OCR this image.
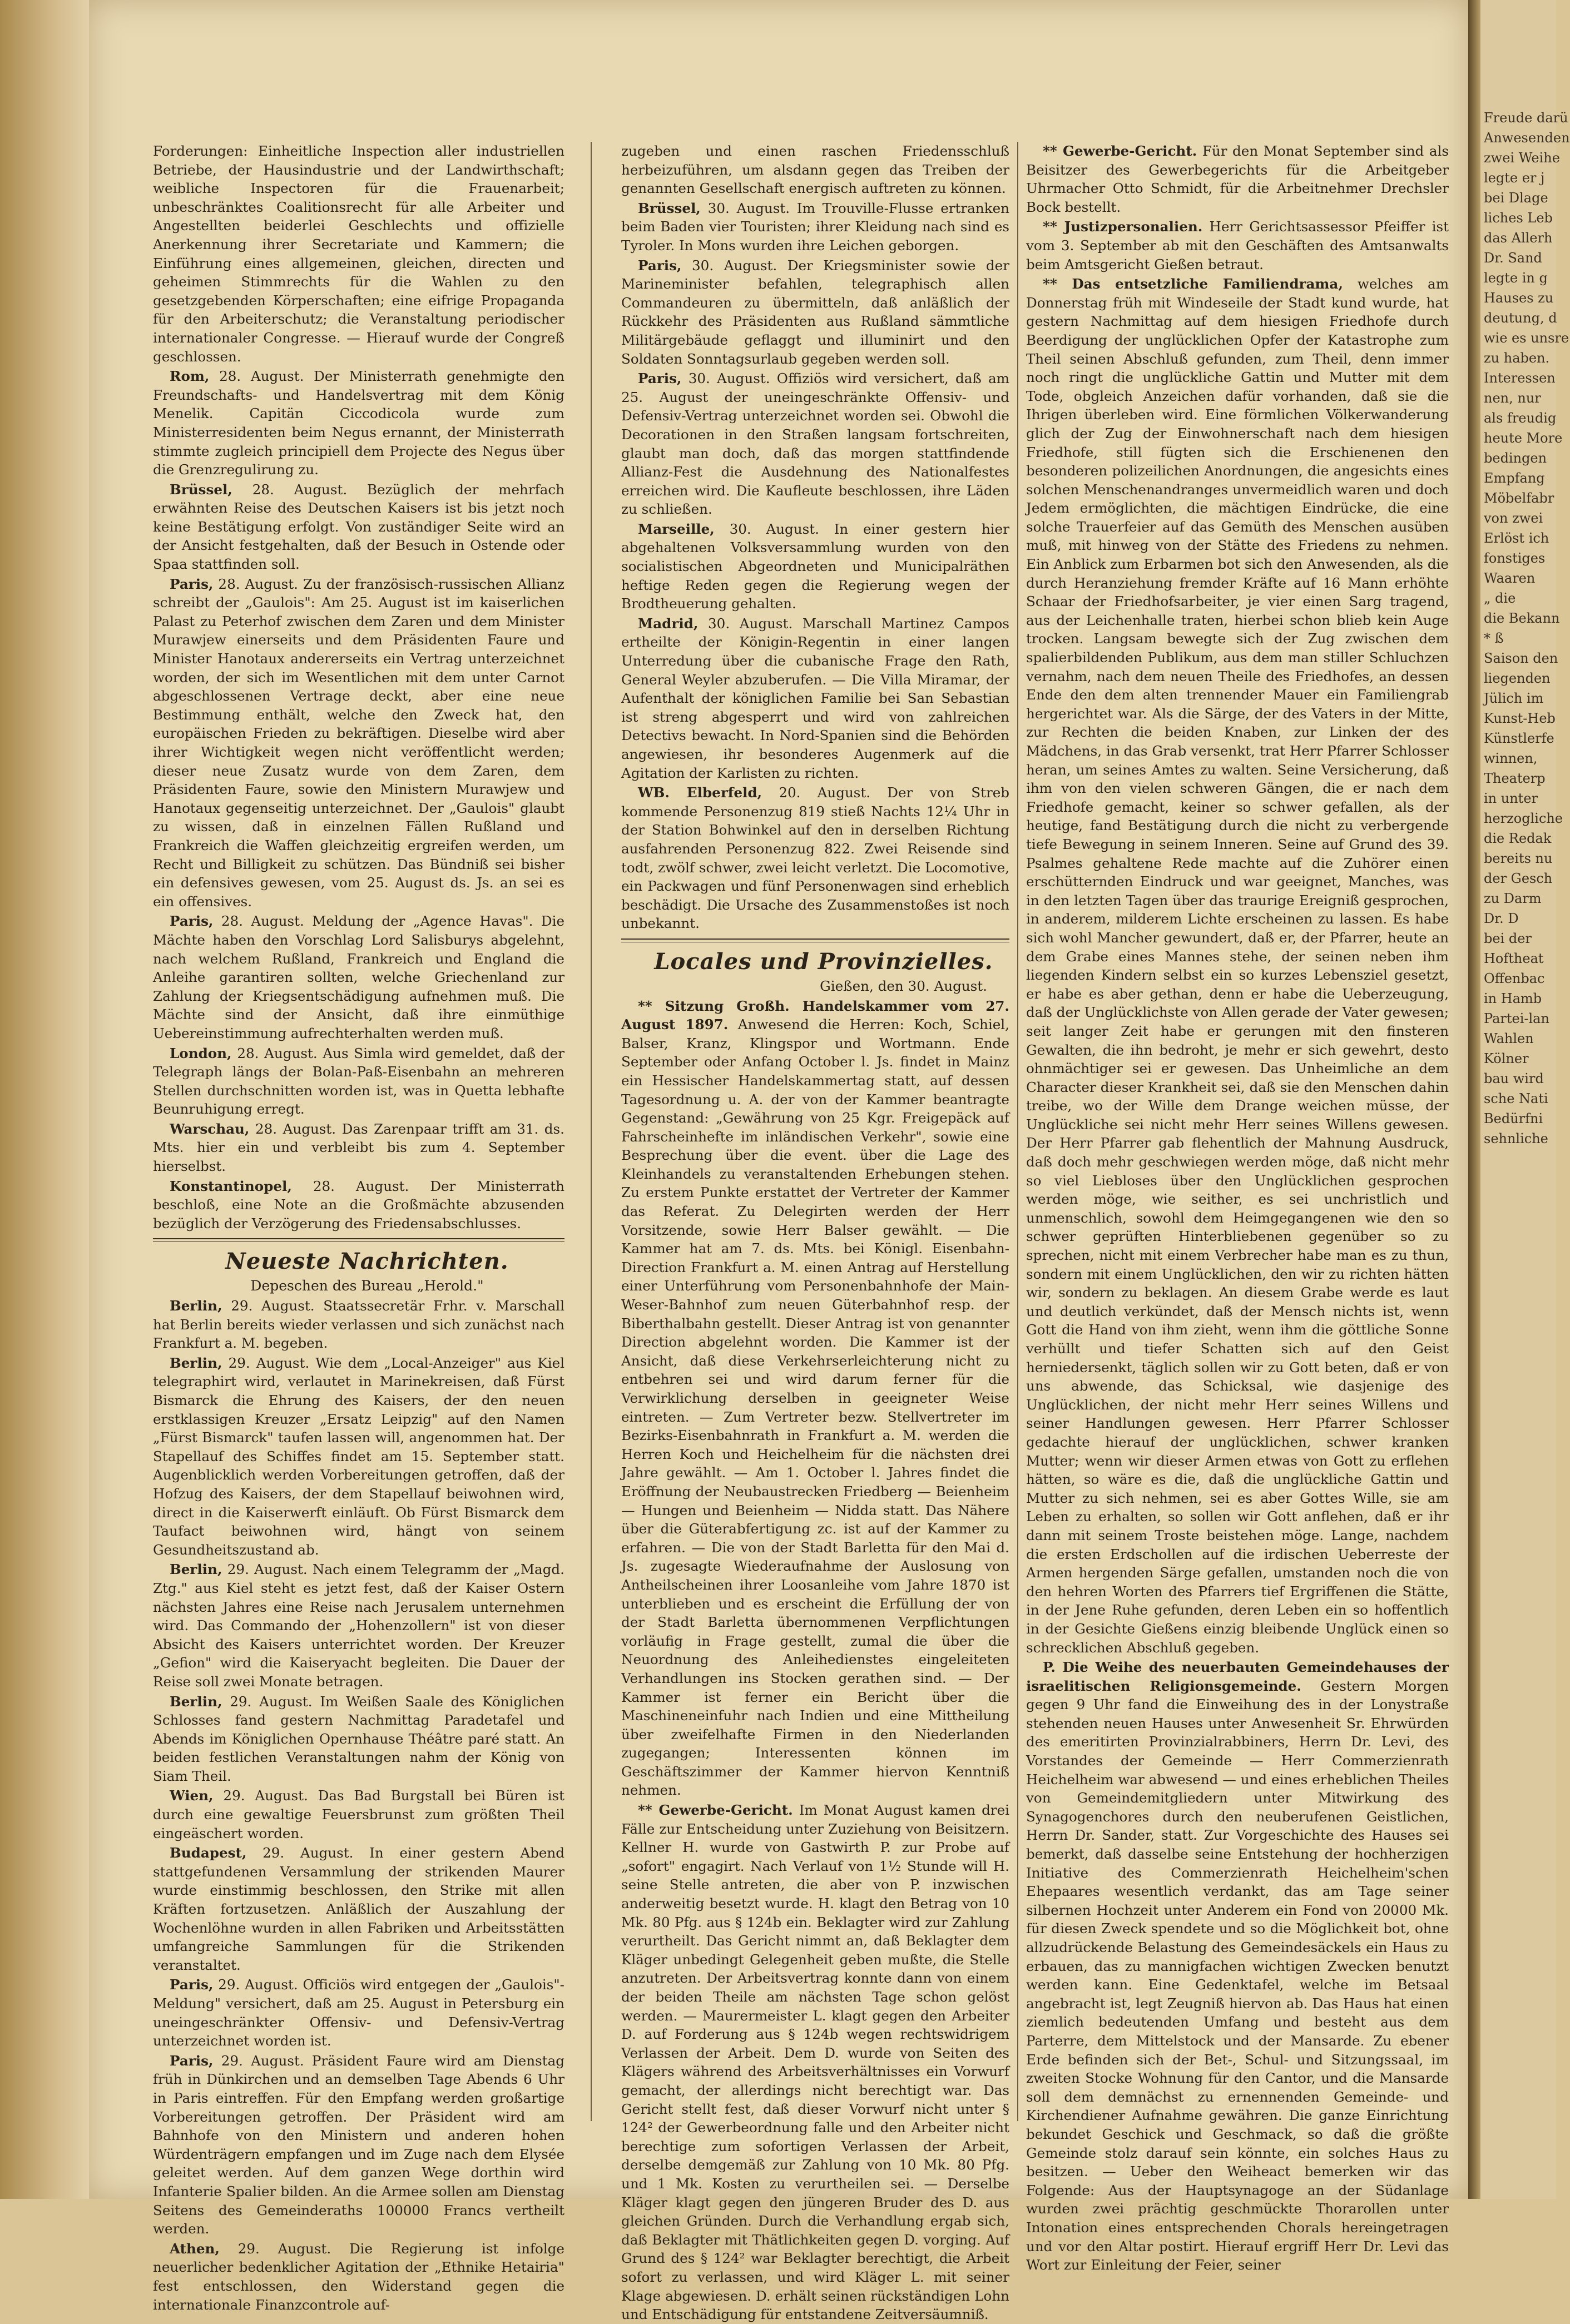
Freude darü
Anwesenden
zwei Weihe
legte er j
bei Dlage
liches Leb
das Allerh
Dr. Sand
legte in g
Hauses zu
deutung, d
wie es unsre
zu haben.
Interessen
nen, nur
als freudig
heute More
bedingen
Empfang
Möbelfabr
von zwei
Erlöst ich
fonstiges
Waaren
„ die
die Bekann
* ß
Saison den
liegenden
Jülich im
Kunst-Heb
Künstlerfe
winnen,
Theaterp
in unter
herzogliche
die Redak
bereits nu
der Gesch
zu Darm
Dr. D
bei der
Hoftheat
Offenbac
in Hamb
Partei-lan
Wahlen
Kölner
bau wird
sche Nati
Bedürfni
sehnliche

Forderungen: Einheitliche Inspection aller industriellen Betriebe, der Hausindustrie und der Landwirthschaft; weibliche Inspectoren für die Frauenarbeit; unbeschränktes Coalitionsrecht für alle Arbeiter und Angestellten beiderlei Geschlechts und offizielle Anerkennung ihrer Secretariate und Kammern; die Einführung eines allgemeinen, gleichen, directen und geheimen Stimmrechts für die Wahlen zu den gesetzgebenden Körperschaften; eine eifrige Propaganda für den Arbeiterschutz; die Veranstaltung periodischer internationaler Congresse. — Hierauf wurde der Congreß geschlossen.

Rom, 28. August. Der Ministerrath genehmigte den Freundschafts- und Handelsvertrag mit dem König Menelik. Capitän Ciccodicola wurde zum Ministerresidenten beim Negus ernannt, der Ministerrath stimmte zugleich principiell dem Projecte des Negus über die Grenzregulirung zu.

Brüssel, 28. August. Bezüglich der mehrfach erwähnten Reise des Deutschen Kaisers ist bis jetzt noch keine Bestätigung erfolgt. Von zuständiger Seite wird an der Ansicht festgehalten, daß der Besuch in Ostende oder Spaa stattfinden soll.

Paris, 28. August. Zu der französisch-russischen Allianz schreibt der „Gaulois": Am 25. August ist im kaiserlichen Palast zu Peterhof zwischen dem Zaren und dem Minister Murawjew einerseits und dem Präsidenten Faure und Minister Hanotaux andererseits ein Vertrag unterzeichnet worden, der sich im Wesentlichen mit dem unter Carnot abgeschlossenen Vertrage deckt, aber eine neue Bestimmung enthält, welche den Zweck hat, den europäischen Frieden zu bekräftigen. Dieselbe wird aber ihrer Wichtigkeit wegen nicht veröffentlicht werden; dieser neue Zusatz wurde von dem Zaren, dem Präsidenten Faure, sowie den Ministern Murawjew und Hanotaux gegenseitig unterzeichnet. Der „Gaulois" glaubt zu wissen, daß in einzelnen Fällen Rußland und Frankreich die Waffen gleichzeitig ergreifen werden, um Recht und Billigkeit zu schützen. Das Bündniß sei bisher ein defensives gewesen, vom 25. August ds. Js. an sei es ein offensives.

Paris, 28. August. Meldung der „Agence Havas". Die Mächte haben den Vorschlag Lord Salisburys abgelehnt, nach welchem Rußland, Frankreich und England die Anleihe garantiren sollten, welche Griechenland zur Zahlung der Kriegsentschädigung aufnehmen muß. Die Mächte sind der Ansicht, daß ihre einmüthige Uebereinstimmung aufrechterhalten werden muß.

London, 28. August. Aus Simla wird gemeldet, daß der Telegraph längs der Bolan-Paß-Eisenbahn an mehreren Stellen durchschnitten worden ist, was in Quetta lebhafte Beunruhigung erregt.

Warschau, 28. August. Das Zarenpaar trifft am 31. ds. Mts. hier ein und verbleibt bis zum 4. September hierselbst.

Konstantinopel, 28. August. Der Ministerrath beschloß, eine Note an die Großmächte abzusenden bezüglich der Verzögerung des Friedensabschlusses.

Neueste Nachrichten.

Depeschen des Bureau „Herold."

Berlin, 29. August. Staatssecretär Frhr. v. Marschall hat Berlin bereits wieder verlassen und sich zunächst nach Frankfurt a. M. begeben.

Berlin, 29. August. Wie dem „Local-Anzeiger" aus Kiel telegraphirt wird, verlautet in Marinekreisen, daß Fürst Bismarck die Ehrung des Kaisers, der den neuen erstklassigen Kreuzer „Ersatz Leipzig" auf den Namen „Fürst Bismarck" taufen lassen will, angenommen hat. Der Stapellauf des Schiffes findet am 15. September statt. Augenblicklich werden Vorbereitungen getroffen, daß der Hofzug des Kaisers, der dem Stapellauf beiwohnen wird, direct in die Kaiserwerft einläuft. Ob Fürst Bismarck dem Taufact beiwohnen wird, hängt von seinem Gesundheitszustand ab.

Berlin, 29. August. Nach einem Telegramm der „Magd. Ztg." aus Kiel steht es jetzt fest, daß der Kaiser Ostern nächsten Jahres eine Reise nach Jerusalem unternehmen wird. Das Commando der „Hohenzollern" ist von dieser Absicht des Kaisers unterrichtet worden. Der Kreuzer „Gefion" wird die Kaiseryacht begleiten. Die Dauer der Reise soll zwei Monate betragen.

Berlin, 29. August. Im Weißen Saale des Königlichen Schlosses fand gestern Nachmittag Paradetafel und Abends im Königlichen Opernhause Théâtre paré statt. An beiden festlichen Veranstaltungen nahm der König von Siam Theil.

Wien, 29. August. Das Bad Burgstall bei Büren ist durch eine gewaltige Feuersbrunst zum größten Theil eingeäschert worden.

Budapest, 29. August. In einer gestern Abend stattgefundenen Versammlung der strikenden Maurer wurde einstimmig beschlossen, den Strike mit allen Kräften fortzusetzen. Anläßlich der Auszahlung der Wochenlöhne wurden in allen Fabriken und Arbeitsstätten umfangreiche Sammlungen für die Strikenden veranstaltet.

Paris, 29. August. Officiös wird entgegen der „Gaulois"-Meldung" versichert, daß am 25. August in Petersburg ein uneingeschränkter Offensiv- und Defensiv-Vertrag unterzeichnet worden ist.

Paris, 29. August. Präsident Faure wird am Dienstag früh in Dünkirchen und an demselben Tage Abends 6 Uhr in Paris eintreffen. Für den Empfang werden großartige Vorbereitungen getroffen. Der Präsident wird am Bahnhofe von den Ministern und anderen hohen Würdenträgern empfangen und im Zuge nach dem Elysée geleitet werden. Auf dem ganzen Wege dorthin wird Infanterie Spalier bilden. An die Armee sollen am Dienstag Seitens des Gemeinderaths 100000 Francs vertheilt werden.

Athen, 29. August. Die Regierung ist infolge neuerlicher bedenklicher Agitation der „Ethnike Hetairia" fest entschlossen, den Widerstand gegen die internationale Finanzcontrole auf-

zugeben und einen raschen Friedensschluß herbeizuführen, um alsdann gegen das Treiben der genannten Gesellschaft energisch auftreten zu können.

Brüssel, 30. August. Im Trouville-Flusse ertranken beim Baden vier Touristen; ihrer Kleidung nach sind es Tyroler. In Mons wurden ihre Leichen geborgen.

Paris, 30. August. Der Kriegsminister sowie der Marineminister befahlen, telegraphisch allen Commandeuren zu übermitteln, daß anläßlich der Rückkehr des Präsidenten aus Rußland sämmtliche Militärgebäude geflaggt und illuminirt und den Soldaten Sonntagsurlaub gegeben werden soll.

Paris, 30. August. Offiziös wird versichert, daß am 25. August der uneingeschränkte Offensiv- und Defensiv-Vertrag unterzeichnet worden sei. Obwohl die Decorationen in den Straßen langsam fortschreiten, glaubt man doch, daß das morgen stattfindende Allianz-Fest die Ausdehnung des Nationalfestes erreichen wird. Die Kaufleute beschlossen, ihre Läden zu schließen.

Marseille, 30. August. In einer gestern hier abgehaltenen Volksversammlung wurden von den socialistischen Abgeordneten und Municipalräthen heftige Reden gegen die Regierung wegen der Brodtheuerung gehalten.

Madrid, 30. August. Marschall Martinez Campos ertheilte der Königin-Regentin in einer langen Unterredung über die cubanische Frage den Rath, General Weyler abzuberufen. — Die Villa Miramar, der Aufenthalt der königlichen Familie bei San Sebastian ist streng abgesperrt und wird von zahlreichen Detectivs bewacht. In Nord-Spanien sind die Behörden angewiesen, ihr besonderes Augenmerk auf die Agitation der Karlisten zu richten.

WB. Elberfeld, 20. August. Der von Streb kommende Personenzug 819 stieß Nachts 12¼ Uhr in der Station Bohwinkel auf den in derselben Richtung ausfahrenden Personenzug 822. Zwei Reisende sind todt, zwölf schwer, zwei leicht verletzt. Die Locomotive, ein Packwagen und fünf Personenwagen sind erheblich beschädigt. Die Ursache des Zusammenstoßes ist noch unbekannt.

Locales und Provinzielles.

Gießen, den 30. August.

** Sitzung Großh. Handelskammer vom 27. August 1897. Anwesend die Herren: Koch, Schiel, Balser, Kranz, Klingspor und Wortmann. Ende September oder Anfang October l. Js. findet in Mainz ein Hessischer Handelskammertag statt, auf dessen Tagesordnung u. A. der von der Kammer beantragte Gegenstand: „Gewährung von 25 Kgr. Freigepäck auf Fahrscheinhefte im inländischen Verkehr", sowie eine Besprechung über die event. über die Lage des Kleinhandels zu veranstaltenden Erhebungen stehen. Zu erstem Punkte erstattet der Vertreter der Kammer das Referat. Zu Delegirten werden der Herr Vorsitzende, sowie Herr Balser gewählt. — Die Kammer hat am 7. ds. Mts. bei Königl. Eisenbahn-Direction Frankfurt a. M. einen Antrag auf Herstellung einer Unterführung vom Personenbahnhofe der Main-Weser-Bahnhof zum neuen Güterbahnhof resp. der Biberthalbahn gestellt. Dieser Antrag ist von genannter Direction abgelehnt worden. Die Kammer ist der Ansicht, daß diese Verkehrserleichterung nicht zu entbehren sei und wird darum ferner für die Verwirklichung derselben in geeigneter Weise eintreten. — Zum Vertreter bezw. Stellvertreter im Bezirks-Eisenbahnrath in Frankfurt a. M. werden die Herren Koch und Heichelheim für die nächsten drei Jahre gewählt. — Am 1. October l. Jahres findet die Eröffnung der Neubaustrecken Friedberg — Beienheim — Hungen und Beienheim — Nidda statt. Das Nähere über die Güterabfertigung zc. ist auf der Kammer zu erfahren. — Die von der Stadt Barletta für den Mai d. Js. zugesagte Wiederaufnahme der Auslosung von Antheilscheinen ihrer Loosanleihe vom Jahre 1870 ist unterblieben und es erscheint die Erfüllung der von der Stadt Barletta übernommenen Verpflichtungen vorläufig in Frage gestellt, zumal die über die Neuordnung des Anleihedienstes eingeleiteten Verhandlungen ins Stocken gerathen sind. — Der Kammer ist ferner ein Bericht über die Maschineneinfuhr nach Indien und eine Mittheilung über zweifelhafte Firmen in den Niederlanden zugegangen; Interessenten können im Geschäftszimmer der Kammer hiervon Kenntniß nehmen.

** Gewerbe-Gericht. Im Monat August kamen drei Fälle zur Entscheidung unter Zuziehung von Beisitzern. Kellner H. wurde von Gastwirth P. zur Probe auf „sofort" engagirt. Nach Verlauf von 1½ Stunde will H. seine Stelle antreten, die aber von P. inzwischen anderweitig besetzt wurde. H. klagt den Betrag von 10 Mk. 80 Pfg. aus § 124b ein. Beklagter wird zur Zahlung verurtheilt. Das Gericht nimmt an, daß Beklagter dem Kläger unbedingt Gelegenheit geben mußte, die Stelle anzutreten. Der Arbeitsvertrag konnte dann von einem der beiden Theile am nächsten Tage schon gelöst werden. — Maurermeister L. klagt gegen den Arbeiter D. auf Forderung aus § 124b wegen rechtswidrigem Verlassen der Arbeit. Dem D. wurde von Seiten des Klägers während des Arbeitsverhältnisses ein Vorwurf gemacht, der allerdings nicht berechtigt war. Das Gericht stellt fest, daß dieser Vorwurf nicht unter § 124² der Gewerbeordnung falle und den Arbeiter nicht berechtige zum sofortigen Verlassen der Arbeit, derselbe demgemäß zur Zahlung von 10 Mk. 80 Pfg. und 1 Mk. Kosten zu verurtheilen sei. — Derselbe Kläger klagt gegen den jüngeren Bruder des D. aus gleichen Gründen. Durch die Verhandlung ergab sich, daß Beklagter mit Thätlichkeiten gegen D. vorging. Auf Grund des § 124² war Beklagter berechtigt, die Arbeit sofort zu verlassen, und wird Kläger L. mit seiner Klage abgewiesen. D. erhält seinen rückständigen Lohn und Entschädigung für entstandene Zeitversäumniß.

** Gewerbe-Gericht. Für den Monat September sind als Beisitzer des Gewerbegerichts für die Arbeitgeber Uhrmacher Otto Schmidt, für die Arbeitnehmer Drechsler Bock bestellt.

** Justizpersonalien. Herr Gerichtsassessor Pfeiffer ist vom 3. September ab mit den Geschäften des Amtsanwalts beim Amtsgericht Gießen betraut.

** Das entsetzliche Familiendrama, welches am Donnerstag früh mit Windeseile der Stadt kund wurde, hat gestern Nachmittag auf dem hiesigen Friedhofe durch Beerdigung der unglücklichen Opfer der Katastrophe zum Theil seinen Abschluß gefunden, zum Theil, denn immer noch ringt die unglückliche Gattin und Mutter mit dem Tode, obgleich Anzeichen dafür vorhanden, daß sie die Ihrigen überleben wird. Eine förmlichen Völkerwanderung glich der Zug der Einwohnerschaft nach dem hiesigen Friedhofe, still fügten sich die Erschienenen den besonderen polizeilichen Anordnungen, die angesichts eines solchen Menschenandranges unvermeidlich waren und doch Jedem ermöglichten, die mächtigen Eindrücke, die eine solche Trauerfeier auf das Gemüth des Menschen ausüben muß, mit hinweg von der Stätte des Friedens zu nehmen. Ein Anblick zum Erbarmen bot sich den Anwesenden, als die durch Heranziehung fremder Kräfte auf 16 Mann erhöhte Schaar der Friedhofsarbeiter, je vier einen Sarg tragend, aus der Leichenhalle traten, hierbei schon blieb kein Auge trocken. Langsam bewegte sich der Zug zwischen dem spalierbildenden Publikum, aus dem man stiller Schluchzen vernahm, nach dem neuen Theile des Friedhofes, an dessen Ende den dem alten trennender Mauer ein Familiengrab hergerichtet war. Als die Särge, der des Vaters in der Mitte, zur Rechten die beiden Knaben, zur Linken der des Mädchens, in das Grab versenkt, trat Herr Pfarrer Schlosser heran, um seines Amtes zu walten. Seine Versicherung, daß ihm von den vielen schweren Gängen, die er nach dem Friedhofe gemacht, keiner so schwer gefallen, als der heutige, fand Bestätigung durch die nicht zu verbergende tiefe Bewegung in seinem Inneren. Seine auf Grund des 39. Psalmes gehaltene Rede machte auf die Zuhörer einen erschütternden Eindruck und war geeignet, Manches, was in den letzten Tagen über das traurige Ereigniß gesprochen, in anderem, milderem Lichte erscheinen zu lassen. Es habe sich wohl Mancher gewundert, daß er, der Pfarrer, heute an dem Grabe eines Mannes stehe, der seinen neben ihm liegenden Kindern selbst ein so kurzes Lebensziel gesetzt, er habe es aber gethan, denn er habe die Ueberzeugung, daß der Unglücklichste von Allen gerade der Vater gewesen; seit langer Zeit habe er gerungen mit den finsteren Gewalten, die ihn bedroht, je mehr er sich gewehrt, desto ohnmächtiger sei er gewesen. Das Unheimliche an dem Character dieser Krankheit sei, daß sie den Menschen dahin treibe, wo der Wille dem Drange weichen müsse, der Unglückliche sei nicht mehr Herr seines Willens gewesen. Der Herr Pfarrer gab flehentlich der Mahnung Ausdruck, daß doch mehr geschwiegen werden möge, daß nicht mehr so viel Liebloses über den Unglücklichen gesprochen werden möge, wie seither, es sei unchristlich und unmenschlich, sowohl dem Heimgegangenen wie den so schwer geprüften Hinterbliebenen gegenüber so zu sprechen, nicht mit einem Verbrecher habe man es zu thun, sondern mit einem Unglücklichen, den wir zu richten hätten wir, sondern zu beklagen. An diesem Grabe werde es laut und deutlich verkündet, daß der Mensch nichts ist, wenn Gott die Hand von ihm zieht, wenn ihm die göttliche Sonne verhüllt und tiefer Schatten sich auf den Geist herniedersenkt, täglich sollen wir zu Gott beten, daß er von uns abwende, das Schicksal, wie dasjenige des Unglücklichen, der nicht mehr Herr seines Willens und seiner Handlungen gewesen. Herr Pfarrer Schlosser gedachte hierauf der unglücklichen, schwer kranken Mutter; wenn wir dieser Armen etwas von Gott zu erflehen hätten, so wäre es die, daß die unglückliche Gattin und Mutter zu sich nehmen, sei es aber Gottes Wille, sie am Leben zu erhalten, so sollen wir Gott anflehen, daß er ihr dann mit seinem Troste beistehen möge. Lange, nachdem die ersten Erdschollen auf die irdischen Ueberreste der Armen hergenden Särge gefallen, umstanden noch die von den hehren Worten des Pfarrers tief Ergriffenen die Stätte, in der Jene Ruhe gefunden, deren Leben ein so hoffentlich in der Gesichte Gießens einzig bleibende Unglück einen so schrecklichen Abschluß gegeben.

P. Die Weihe des neuerbauten Gemeindehauses der israelitischen Religionsgemeinde. Gestern Morgen gegen 9 Uhr fand die Einweihung des in der Lonystraße stehenden neuen Hauses unter Anwesenheit Sr. Ehrwürden des emeritirten Provinzialrabbiners, Herrn Dr. Levi, des Vorstandes der Gemeinde — Herr Commerzienrath Heichelheim war abwesend — und eines erheblichen Theiles von Gemeindemitgliedern unter Mitwirkung des Synagogenchores durch den neuberufenen Geistlichen, Herrn Dr. Sander, statt. Zur Vorgeschichte des Hauses sei bemerkt, daß dasselbe seine Entstehung der hochherzigen Initiative des Commerzienrath Heichelheim'schen Ehepaares wesentlich verdankt, das am Tage seiner silbernen Hochzeit unter Anderem ein Fond von 20000 Mk. für diesen Zweck spendete und so die Möglichkeit bot, ohne allzudrückende Belastung des Gemeindesäckels ein Haus zu erbauen, das zu mannigfachen wichtigen Zwecken benutzt werden kann. Eine Gedenktafel, welche im Betsaal angebracht ist, legt Zeugniß hiervon ab. Das Haus hat einen ziemlich bedeutenden Umfang und besteht aus dem Parterre, dem Mittelstock und der Mansarde. Zu ebener Erde befinden sich der Bet-, Schul- und Sitzungssaal, im zweiten Stocke Wohnung für den Cantor, und die Mansarde soll dem demnächst zu ernennenden Gemeinde- und Kirchendiener Aufnahme gewähren. Die ganze Einrichtung bekundet Geschick und Geschmack, so daß die größte Gemeinde stolz darauf sein könnte, ein solches Haus zu besitzen. — Ueber den Weiheact bemerken wir das Folgende: Aus der Hauptsynagoge an der Südanlage wurden zwei prächtig geschmückte Thorarollen unter Intonation eines entsprechenden Chorals hereingetragen und vor den Altar postirt. Hierauf ergriff Herr Dr. Levi das Wort zur Einleitung der Feier, seiner
